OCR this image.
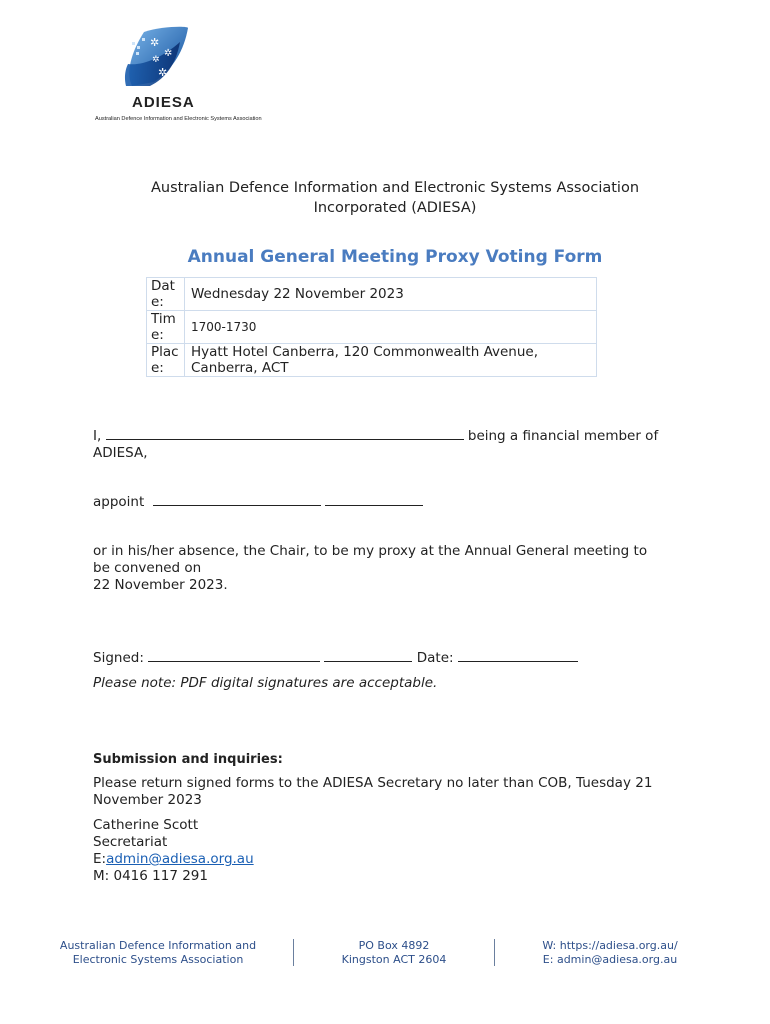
✲
✲
✲
✲ ✦
ADIESA
Australian Defence Information and Electronic Systems Association
Australian Defence Information and Electronic Systems Association
Incorporated (ADIESA)
Annual General Meeting Proxy Voting Form
Date:	Wednesday 22 November 2023
Time:	1700-1730
Place:	Hyatt Hotel Canberra, 120 Commonwealth Avenue,
Canberra, ACT
I,	being a financial member of
ADIESA,
appoint
or in his/her absence, the Chair, to be my proxy at the Annual General meeting to
be convened on
22 November 2023.
Signed:	Date:
Please note: PDF digital signatures are acceptable.
Submission and inquiries:
Please return signed forms to the ADIESA Secretary no later than COB, Tuesday 21
November 2023
Catherine Scott
Secretariat
E:admin@adiesa.org.au
M: 0416 117 291
Australian Defence Information and
Electronic Systems Association
PO Box 4892
Kingston ACT 2604
W: https://adiesa.org.au/
E: admin@adiesa.org.au
